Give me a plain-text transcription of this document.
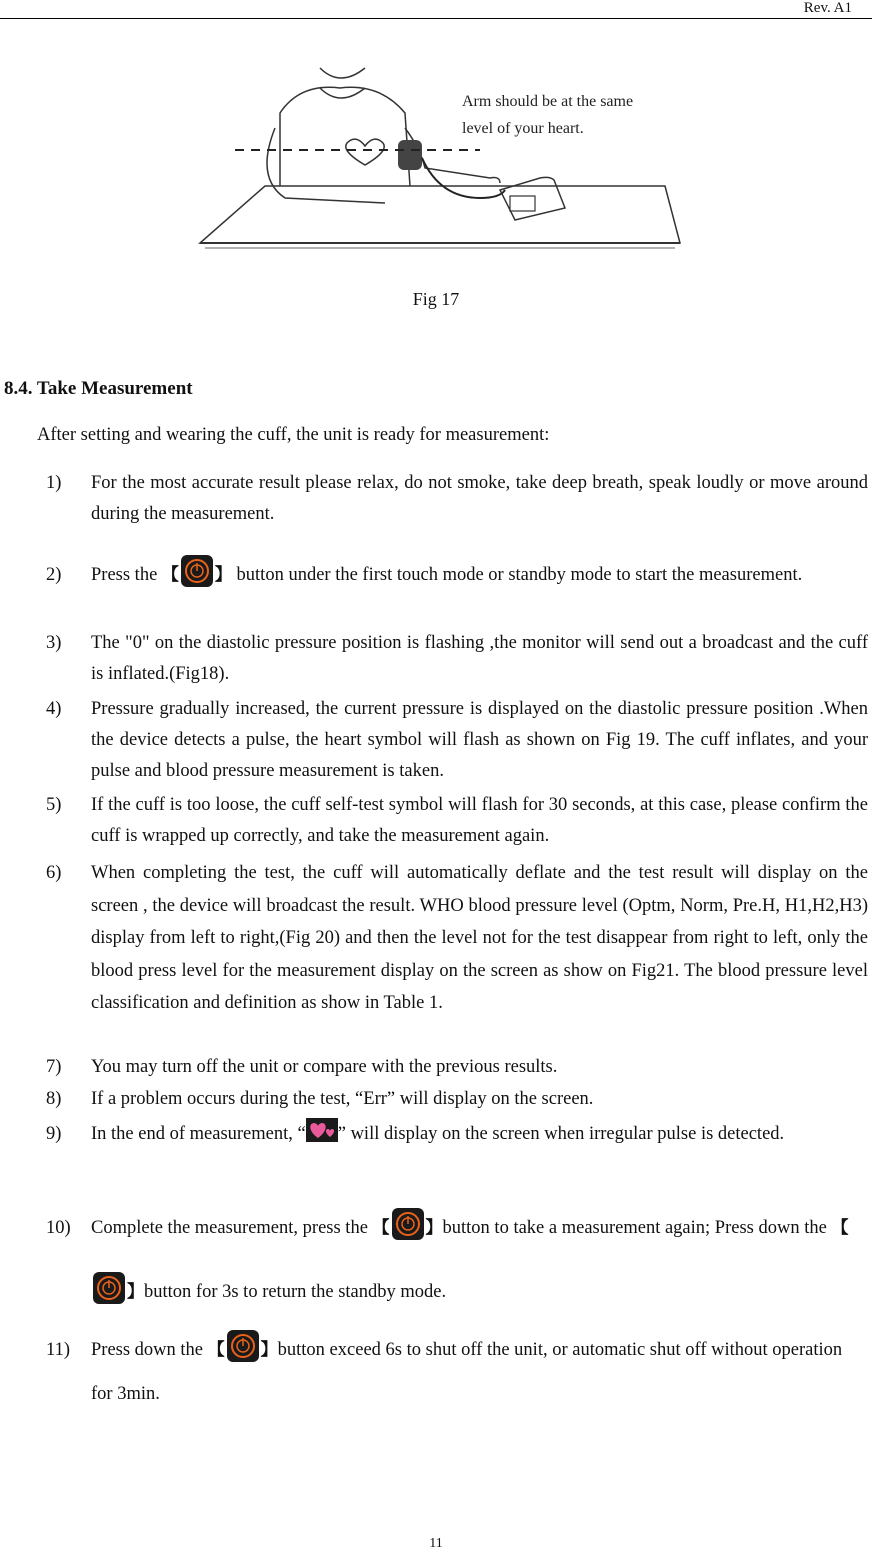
Rev. A1
Arm should be at the same
level of your heart.
Fig 17
8.4. Take Measurement
After setting and wearing the cuff, the unit is ready for measurement:
1) For the most accurate result please relax, do not smoke, take deep breath, speak loudly or move around during the measurement.
2) Press the 【 】 button under the first touch mode or standby mode to start the measurement.
3) The "0" on the diastolic pressure position is flashing ,the monitor will send out a broadcast and the cuff is inflated.(Fig18).
4) Pressure gradually increased, the current pressure is displayed on the diastolic pressure position .When the device detects a pulse, the heart symbol will flash as shown on Fig 19. The cuff inflates, and your pulse and blood pressure measurement is taken.
5) If the cuff is too loose, the cuff self-test symbol will flash for 30 seconds, at this case, please confirm the cuff is wrapped up correctly, and take the measurement again.
6) When completing the test, the cuff will automatically deflate and the test result will display on the screen , the device will broadcast the result. WHO blood pressure level (Optm, Norm, Pre.H, H1,H2,H3) display from left to right,(Fig 20) and then the level not for the test disappear from right to left, only the blood press level for the measurement display on the screen as show on Fig21. The blood pressure level classification and definition as show in Table 1.
7) You may turn off the unit or compare with the previous results.
8) If a problem occurs during the test, “Err” will display on the screen.
9) In the end of measurement, “ ” will display on the screen when irregular pulse is detected.
10) Complete the measurement, press the 【 】button to take a measurement again; Press down the 【】button for 3s to return the standby mode.
11) Press down the 【 】button exceed 6s to shut off the unit, or automatic shut off without operation for 3min.
11
